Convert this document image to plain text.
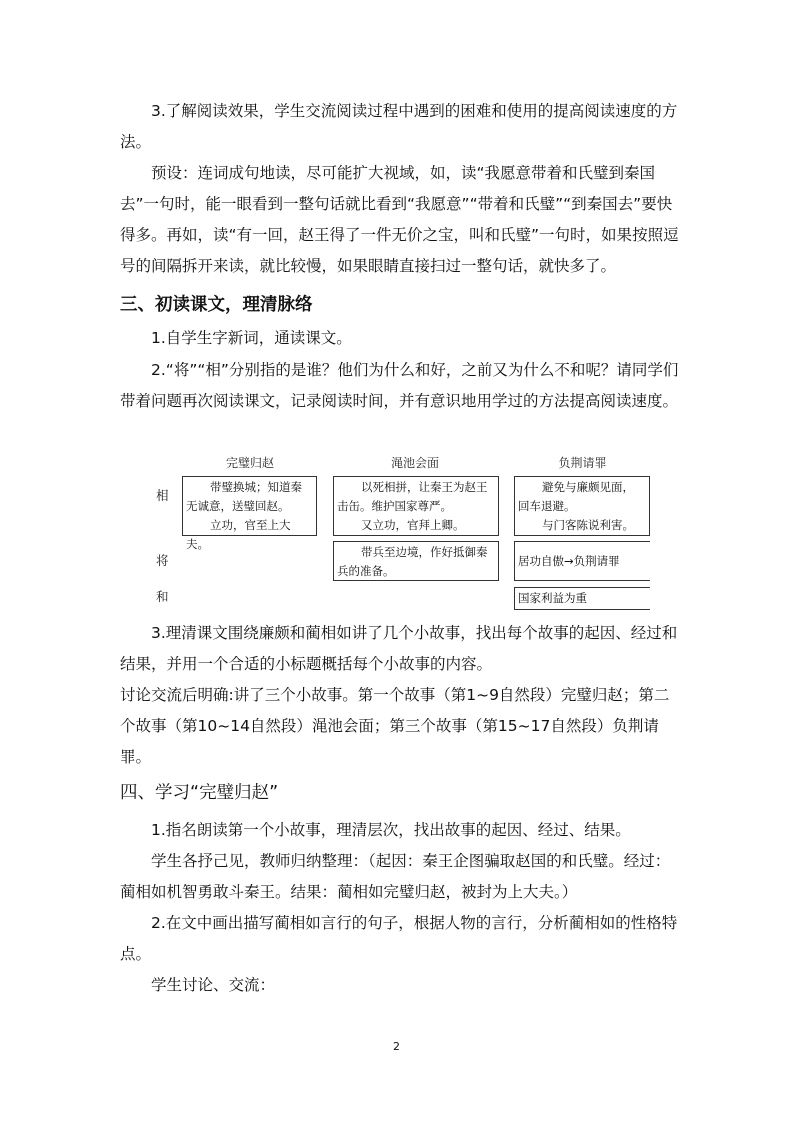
3.了解阅读效果，学生交流阅读过程中遇到的困难和使用的提高阅读速度的方法。

预设：连词成句地读，尽可能扩大视域，如，读“我愿意带着和氏璧到秦国去”一句时，能一眼看到一整句话就比看到“我愿意”“带着和氏璧”“到秦国去”要快得多。再如，读“有一回，赵王得了一件无价之宝，叫和氏璧”一句时，如果按照逗号的间隔拆开来读，就比较慢，如果眼睛直接扫过一整句话，就快多了。

三、初读课文，理清脉络

1.自学生字新词，通读课文。

2.“将”“相”分别指的是谁？他们为什么和好，之前又为什么不和呢？请同学们带着问题再次阅读课文，记录阅读时间，并有意识地用学过的方法提高阅读速度。

完璧归赵	渑池会面	负荆请罪
相
将
和
带璧换城；知道秦
无诚意，送璧回赵。
立功，官至上大夫。
以死相拼，让秦王为赵王
击缶。维护国家尊严。
又立功，官拜上卿。
避免与廉颇见面，
回车退避。
与门客陈说利害。
带兵至边境，作好抵御秦
兵的准备。
居功自傲→负荆请罪
国家利益为重

3.理清课文围绕廉颇和蔺相如讲了几个小故事，找出每个故事的起因、经过和结果，并用一个合适的小标题概括每个小故事的内容。

讨论交流后明确:讲了三个小故事。第一个故事（第1~9自然段）完璧归赵；第二个故事（第10~14自然段）渑池会面；第三个故事（第15~17自然段）负荆请罪。

四、学习“完璧归赵”

1.指名朗读第一个小故事，理清层次，找出故事的起因、经过、结果。

学生各抒己见，教师归纳整理：（起因：秦王企图骗取赵国的和氏璧。经过：蔺相如机智勇敢斗秦王。结果：蔺相如完璧归赵，被封为上大夫。）

2.在文中画出描写蔺相如言行的句子，根据人物的言行，分析蔺相如的性格特点。

学生讨论、交流：

2
